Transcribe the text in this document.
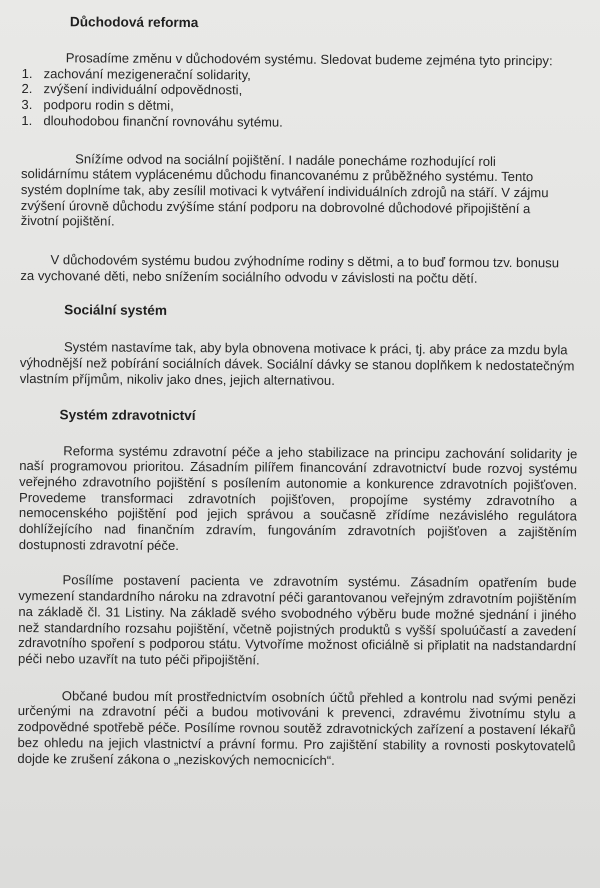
Důchodová reforma

Prosadíme změnu v důchodovém systému. Sledovat budeme zejména tyto principy:

1. zachování mezigenerační solidarity,
2. zvýšení individuální odpovědnosti,
3. podporu rodin s dětmi,
1. dlouhodobou finanční rovnováhu sytému.

Snížíme odvod na sociální pojištění. I nadále ponecháme rozhodující roli solidárnímu státem vyplácenému důchodu financovanému z průběžného systému. Tento systém doplníme tak, aby zesílil motivaci k vytváření individuálních zdrojů na stáří. V zájmu zvýšení úrovně důchodu zvýšíme stání podporu na dobrovolné důchodové připojištění a životní pojištění.

V důchodovém systému budou zvýhodníme rodiny s dětmi, a to buď formou tzv. bonusu za vychované děti, nebo snížením sociálního odvodu v závislosti na počtu dětí.

Sociální systém

Systém nastavíme tak, aby byla obnovena motivace k práci, tj. aby práce za mzdu byla výhodnější než pobírání sociálních dávek. Sociální dávky se stanou doplňkem k nedostatečným vlastním příjmům, nikoliv jako dnes, jejich alternativou.

Systém zdravotnictví

Reforma systému zdravotní péče a jeho stabilizace na principu zachování solidarity je naší programovou prioritou. Zásadním pilířem financování zdravotnictví bude rozvoj systému veřejného zdravotního pojištění s posílením autonomie a konkurence zdravotních pojišťoven. Provedeme transformaci zdravotních pojišťoven, propojíme systémy zdravotního a nemocenského pojištění pod jejich správou a současně zřídíme nezávislého regulátora dohlížejícího nad finančním zdravím, fungováním zdravotních pojišťoven a zajištěním dostupnosti zdravotní péče.

Posílíme postavení pacienta ve zdravotním systému. Zásadním opatřením bude vymezení standardního nároku na zdravotní péči garantovanou veřejným zdravotním pojištěním na základě čl. 31 Listiny. Na základě svého svobodného výběru bude možné sjednání i jiného než standardního rozsahu pojištění, včetně pojistných produktů s vyšší spoluúčastí a zavedení zdravotního spoření s podporou státu. Vytvoříme možnost oficiálně si připlatit na nadstandardní péči nebo uzavřít na tuto péči připojištění.

Občané budou mít prostřednictvím osobních účtů přehled a kontrolu nad svými penězi určenými na zdravotní péči a budou motivováni k prevenci, zdravému životnímu stylu a zodpovědné spotřebě péče. Posílíme rovnou soutěž zdravotnických zařízení a postavení lékařů bez ohledu na jejich vlastnictví a právní formu. Pro zajištění stability a rovnosti poskytovatelů dojde ke zrušení zákona o „neziskových nemocnicích“.
